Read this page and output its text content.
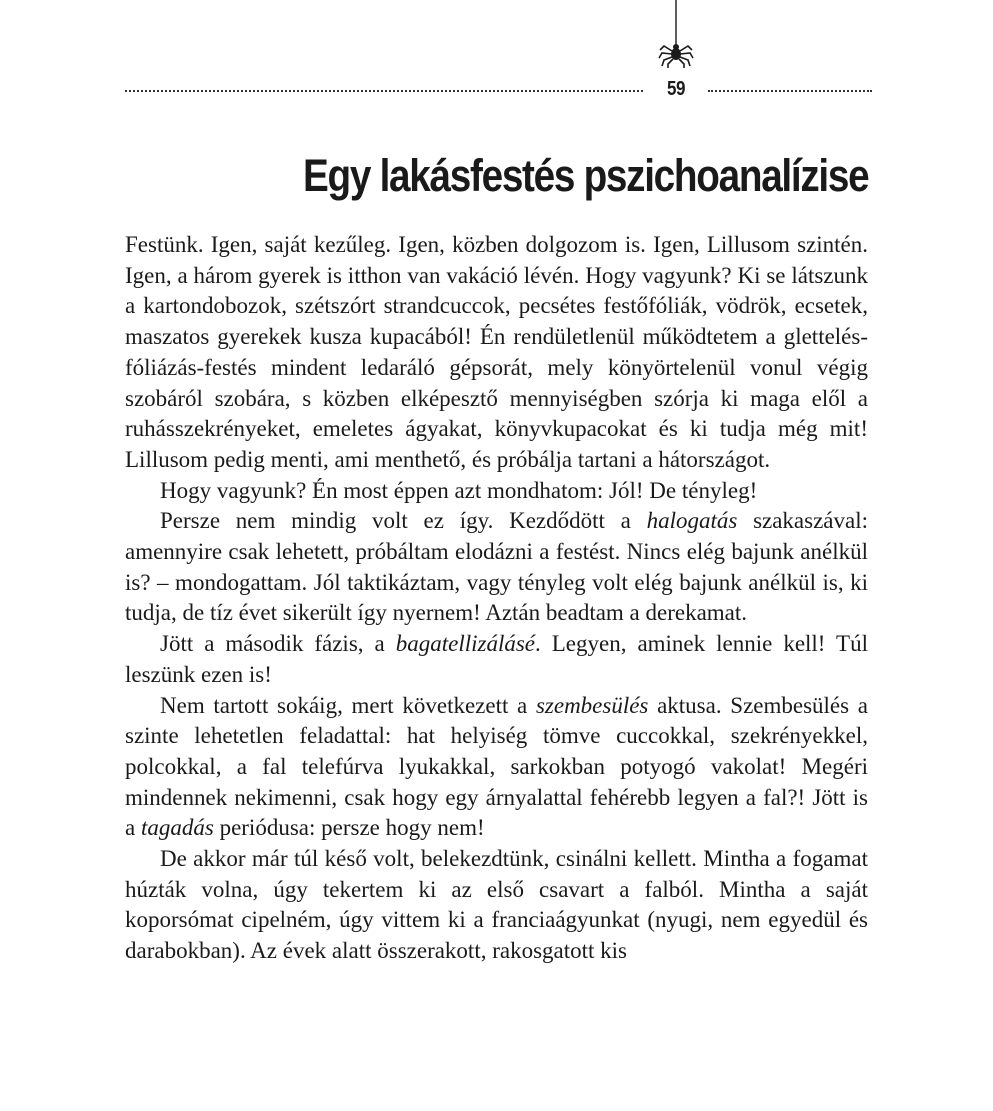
59
Egy lakásfestés pszichoanalízise

Festünk. Igen, saját kezűleg. Igen, közben dolgozom is. Igen, Lillusom szintén. Igen, a három gyerek is itthon van vakáció lévén. Hogy vagyunk? Ki se látszunk a kartondobozok, szétszórt strandcuccok, pecsétes festőfóliák, vödrök, ecsetek, maszatos gyerekek kusza kupacából! Én rendületlenül működtetem a glettelés-fóliázás-festés mindent ledaráló gépsorát, mely könyörtelenül vonul végig szobáról szobára, s közben elképesztő mennyiségben szórja ki maga elől a ruhásszekrényeket, emeletes ágyakat, könyvkupacokat és ki tudja még mit! Lillusom pedig menti, ami menthető, és próbálja tartani a hátországot.

Hogy vagyunk? Én most éppen azt mondhatom: Jól! De tényleg!

Persze nem mindig volt ez így. Kezdődött a halogatás szakaszával: amennyire csak lehetett, próbáltam elodázni a festést. Nincs elég bajunk anélkül is? – mondogattam. Jól taktikáztam, vagy tényleg volt elég bajunk anélkül is, ki tudja, de tíz évet sikerült így nyernem! Aztán beadtam a derekamat.

Jött a második fázis, a bagatellizálásé. Legyen, aminek lennie kell! Túl leszünk ezen is!

Nem tartott sokáig, mert következett a szembesülés aktusa. Szembesülés a szinte lehetetlen feladattal: hat helyiség tömve cuccokkal, szekrényekkel, polcokkal, a fal telefúrva lyukakkal, sarkokban potyogó vakolat! Megéri mindennek nekimenni, csak hogy egy árnyalattal fehérebb legyen a fal?! Jött is a tagadás periódusa: persze hogy nem!

De akkor már túl késő volt, belekezdtünk, csinálni kellett. Mintha a fogamat húzták volna, úgy tekertem ki az első csavart a falból. Mintha a saját koporsómat cipelném, úgy vittem ki a franciaágyunkat (nyugi, nem egyedül és darabokban). Az évek alatt összerakott, rakosgatott kis
